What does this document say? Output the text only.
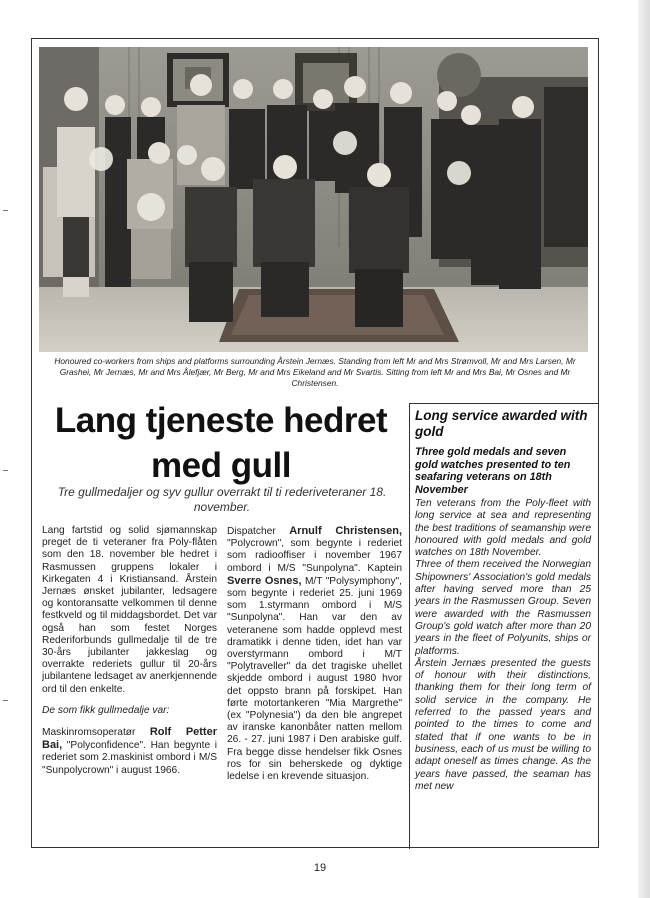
Honoured co-workers from ships and platforms surrounding Årstein Jernæs. Standing from left Mr and Mrs Strømvoll, Mr and Mrs Larsen, Mr Grashei, Mr Jernæs, Mr and Mrs Ålefjær, Mr Berg, Mr and Mrs Eikeland and Mr Svartis. Sitting from left Mr and Mrs Bai, Mr Osnes and Mr Christensen.
Lang tjeneste hedret
med gull
Tre gullmedaljer og syv gullur overrakt til ti rederiveteraner 18. november.

Lang fartstid og solid sjømannskap preget de ti veteraner fra Poly-flåten som den 18. november ble hedret i Rasmussen gruppens lokaler i Kirkegaten 4 i Kristiansand. Årstein Jernæs ønsket jubilanter, ledsagere og kontoransatte velkommen til denne festkveld og til middagsbordet. Det var også han som festet Norges Rederiforbunds gullmedalje til de tre 30-års jubilanter jakkeslag og overrakte rederiets gullur til 20-års jubilantene ledsaget av anerkjennende ord til den enkelte.

De som fikk gullmedalje var:

Maskinromsoperatør Rolf Petter Bai, "Polyconfidence". Han begynte i rederiet som 2.maskinist ombord i M/S "Sunpolycrown" i august 1966.

Dispatcher Arnulf Christensen, "Polycrown", som begynte i rederiet som radiooffiser i november 1967 ombord i M/S "Sunpolyna". Kaptein Sverre Osnes, M/T "Polysymphony", som begynte i rederiet 25. juni 1969 som 1.styrmann ombord i M/S "Sunpolyna". Han var den av veteranene som hadde opplevd mest dramatikk i denne tiden, idet han var overstyrmann ombord i M/T "Polytraveller" da det tragiske uhellet skjedde ombord i august 1980 hvor det oppsto brann på forskipet. Han førte motortankeren "Mia Margrethe" (ex "Polynesia") da den ble angrepet av iranske kanonbåter natten mellom 26. - 27. juni 1987 i Den arabiske gulf. Fra begge disse hendelser fikk Osnes ros for sin beherskede og dyktige ledelse i en krevende situasjon.

Long service awarded with gold
Three gold medals and seven gold watches presented to ten seafaring veterans on 18th November

Ten veterans from the Poly-fleet with long service at sea and representing the best traditions of seamanship were honoured with gold medals and gold watches on 18th November.

Three of them received the Norwegian Shipowners' Association's gold medals after having served more than 25 years in the Rasmussen Group. Seven were awarded with the Rasmussen Group's gold watch after more than 20 years in the fleet of Polyunits, ships or platforms.

Årstein Jernæs presented the guests of honour with their distinctions, thanking them for their long term of solid service in the company. He referred to the passed years and pointed to the times to come and stated that if one wants to be in business, each of us must be willing to adapt oneself as times change. As the years have passed, the seaman has met new

19
